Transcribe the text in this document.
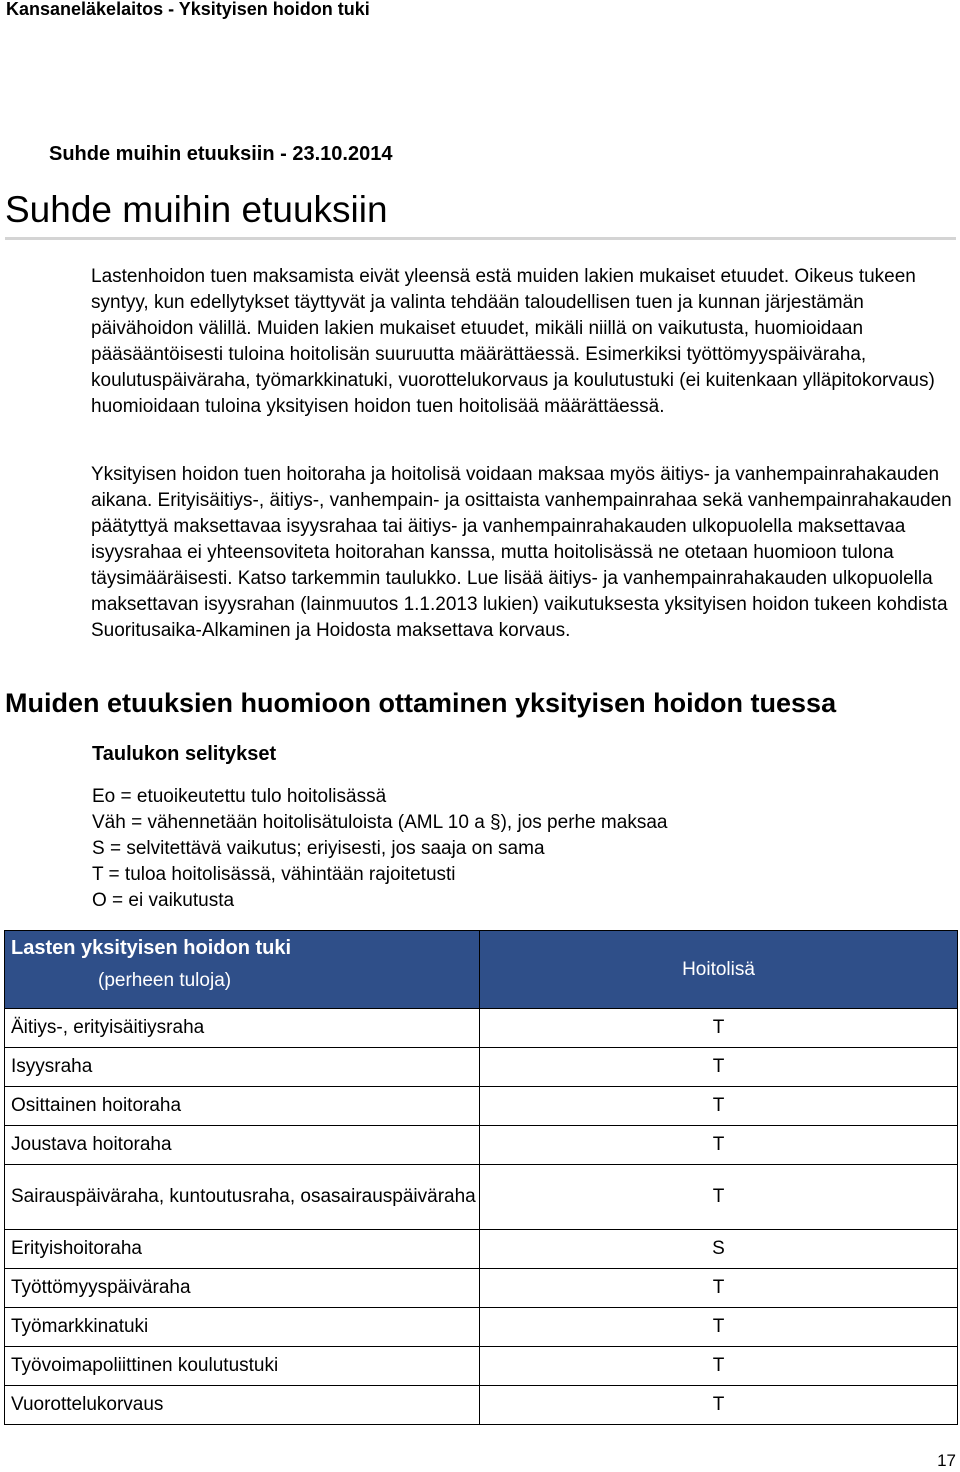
Kansaneläkelaitos - Yksityisen hoidon tuki
Suhde muihin etuuksiin - 23.10.2014
Suhde muihin etuuksiin

Lastenhoidon tuen maksamista eivät yleensä estä muiden lakien mukaiset etuudet. Oikeus tukeen syntyy, kun edellytykset täyttyvät ja valinta tehdään taloudellisen tuen ja kunnan järjestämän päivähoidon välillä. Muiden lakien mukaiset etuudet, mikäli niillä on vaikutusta, huomioidaan pääsääntöisesti tuloina hoitolisän suuruutta määrättäessä. Esimerkiksi työttömyyspäiväraha, koulutuspäiväraha, työmarkkinatuki, vuorottelukorvaus ja koulutustuki (ei kuitenkaan ylläpitokorvaus) huomioidaan tuloina yksityisen hoidon tuen hoitolisää määrättäessä.

Yksityisen hoidon tuen hoitoraha ja hoitolisä voidaan maksaa myös äitiys- ja vanhempainrahakauden aikana. Erityisäitiys-, äitiys-, vanhempain- ja osittaista vanhempainrahaa sekä vanhempainrahakauden päätyttyä maksettavaa isyysrahaa tai äitiys- ja vanhempainrahakauden ulkopuolella maksettavaa isyysrahaa ei yhteensoviteta hoitorahan kanssa, mutta hoitolisässä ne otetaan huomioon tulona täysimääräisesti. Katso tarkemmin taulukko. Lue lisää äitiys- ja vanhempainrahakauden ulkopuolella maksettavan isyysrahan (lainmuutos 1.1.2013 lukien) vaikutuksesta yksityisen hoidon tukeen kohdista Suoritusaika-Alkaminen ja Hoidosta maksettava korvaus.

Muiden etuuksien huomioon ottaminen yksityisen hoidon tuessa
Taulukon selitykset
Eo = etuoikeutettu tulo hoitolisässä
Väh = vähennetään hoitolisätuloista (AML 10 a §), jos perhe maksaa
S = selvitettävä vaikutus; eriyisesti, jos saaja on sama
T = tuloa hoitolisässä, vähintään rajoitetusti
O = ei vaikutusta
Lasten yksityisen hoidon tuki
(perheen tuloja)	Hoitolisä
Äitiys-, erityisäitiysraha	T
Isyysraha	T
Osittainen hoitoraha	T
Joustava hoitoraha	T
Sairauspäiväraha, kuntoutusraha, osasairauspäiväraha	T
Erityishoitoraha	S
Työttömyyspäiväraha	T
Työmarkkinatuki	T
Työvoimapoliittinen koulutustuki	T
Vuorottelukorvaus	T
17
